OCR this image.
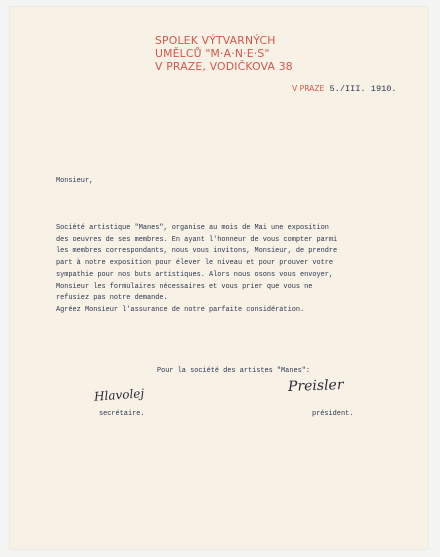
SPOLEK VÝTVARNÝCH
UMĚLCŮ "M·A·N·E·S"
V PRAZE, VODIČKOVA 38
V PRAZE 5./III. 1910.
Monsieur,
Société artistique "Manes", organise au mois de Mai une exposition
des oeuvres de ses membres. En ayant l'honneur de vous compter parmi
les membres correspondants, nous vous invitons, Monsieur, de prendre
part à notre exposition pour élever le niveau et pour prouver votre
sympathie pour nos buts artistiques. Alors nous osons vous envoyer,
Monsieur les formulaires nécessaires et vous prier que vous ne
refusiez pas notre demande.
Agréez Monsieur l'assurance de notre parfaite considération.
Pour la société des artistes "Manes":
Hlavolej
Preisler
secrétaire.	président.
